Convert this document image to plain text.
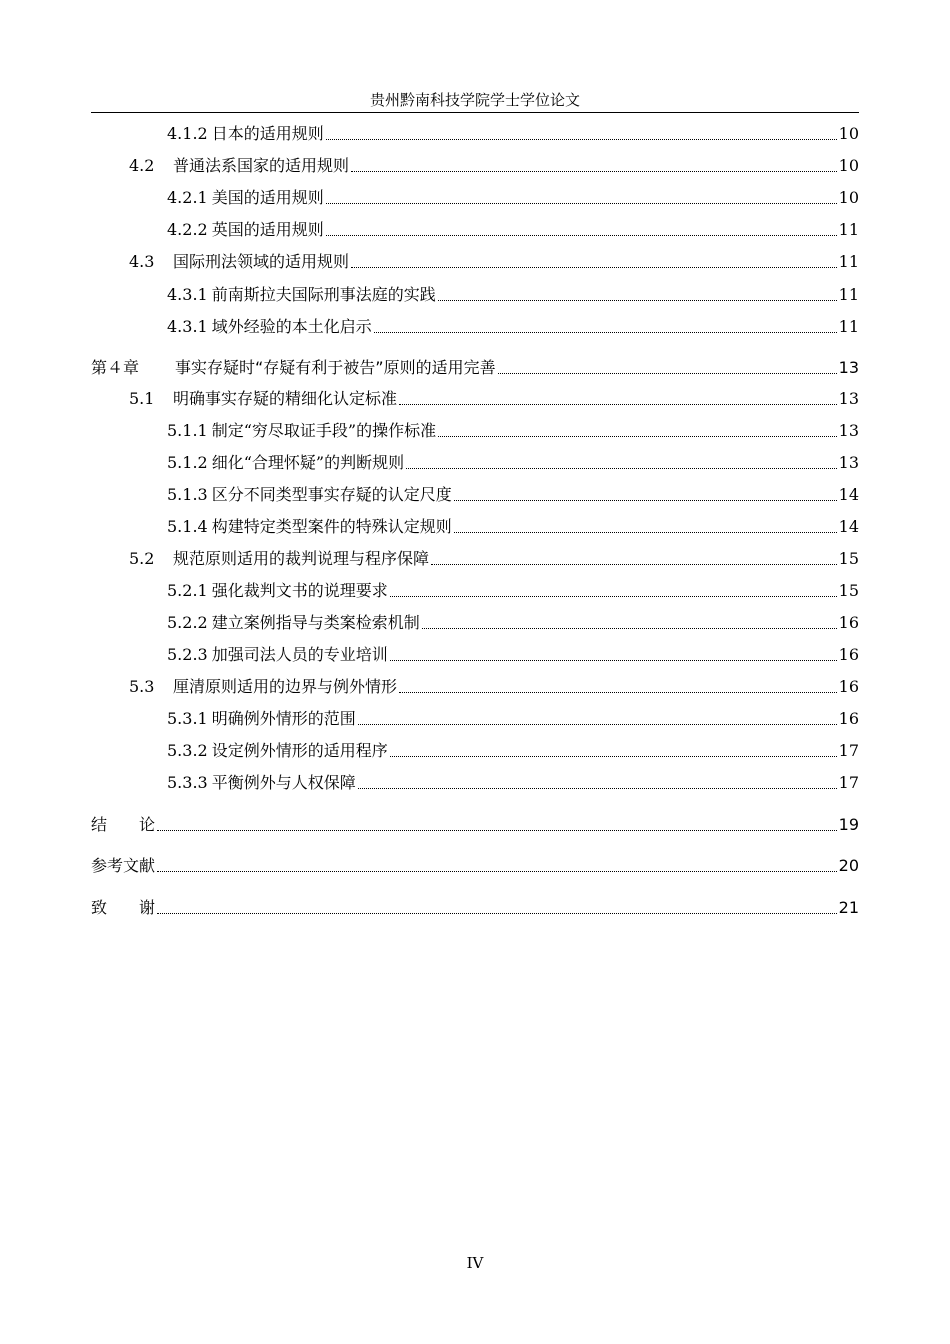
贵州黔南科技学院学士学位论文
4.1.2 日本的适用规则	10
4.2	普通法系国家的适用规则	10
4.2.1 美国的适用规则	10
4.2.2 英国的适用规则	11
4.3	国际刑法领域的适用规则	11
4.3.1 前南斯拉夫国际刑事法庭的实践	11
4.3.1 域外经验的本土化启示	11
第４章	事实存疑时“存疑有利于被告”原则的适用完善	13
5.1	明确事实存疑的精细化认定标准	13
5.1.1 制定“穷尽取证手段”的操作标准	13
5.1.2 细化“合理怀疑”的判断规则	13
5.1.3 区分不同类型事实存疑的认定尺度	14
5.1.4 构建特定类型案件的特殊认定规则	14
5.2	规范原则适用的裁判说理与程序保障	15
5.2.1 强化裁判文书的说理要求	15
5.2.2 建立案例指导与类案检索机制	16
5.2.3 加强司法人员的专业培训	16
5.3	厘清原则适用的边界与例外情形	16
5.3.1 明确例外情形的范围	16
5.3.2 设定例外情形的适用程序	17
5.3.3 平衡例外与人权保障	17
结　　论	19
参考文献	20
致　　谢	21
IV
